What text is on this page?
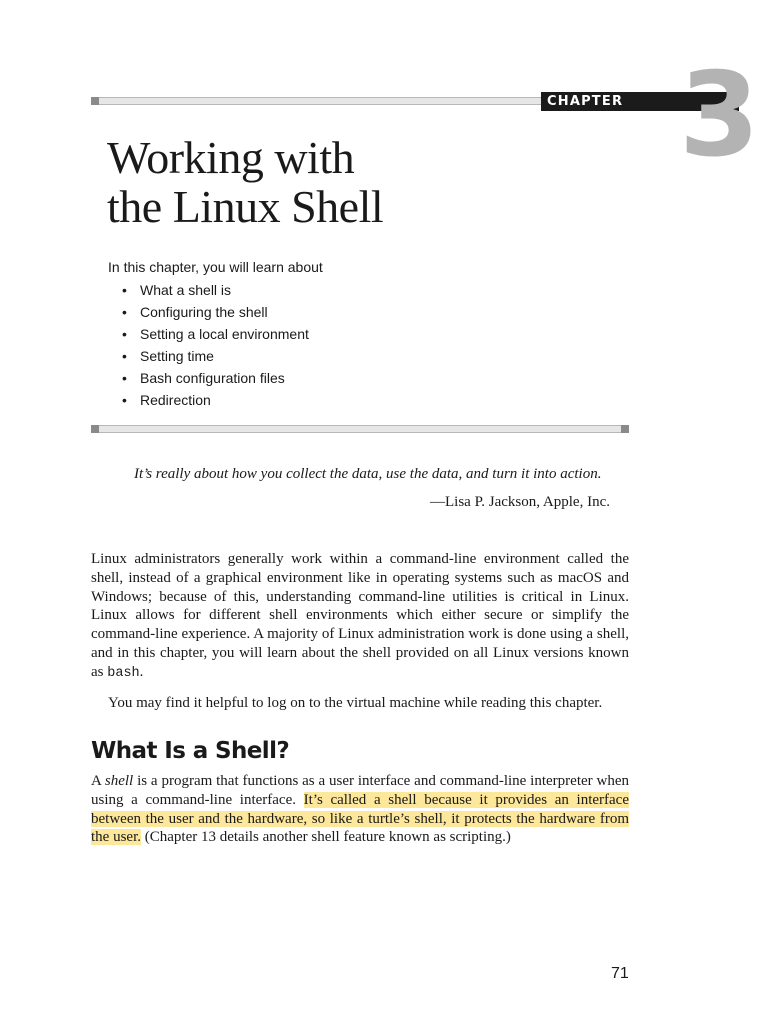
CHAPTER 3
Working with
the Linux Shell
In this chapter, you will learn about
• What a shell is
• Configuring the shell
• Setting a local environment
• Setting time
• Bash configuration files
• Redirection
It’s really about how you collect the data, use the data, and turn it into action.
—Lisa P. Jackson, Apple, Inc.

Linux administrators generally work within a command-line environment called the shell, instead of a graphical environment like in operating systems such as macOS and Windows; because of this, understanding command-line utilities is critical in Linux. Linux allows for different shell environments which either secure or simplify the command-line experience. A majority of Linux administration work is done using a shell, and in this chapter, you will learn about the shell provided on all Linux versions known as bash.

You may find it helpful to log on to the virtual machine while reading this chapter.

What Is a Shell?

A shell is a program that functions as a user interface and command-line interpreter when using a command-line interface. It’s called a shell because it provides an interface between the user and the hardware, so like a turtle’s shell, it protects the hardware from the user. (Chapter 13 details another shell feature known as scripting.)

71
